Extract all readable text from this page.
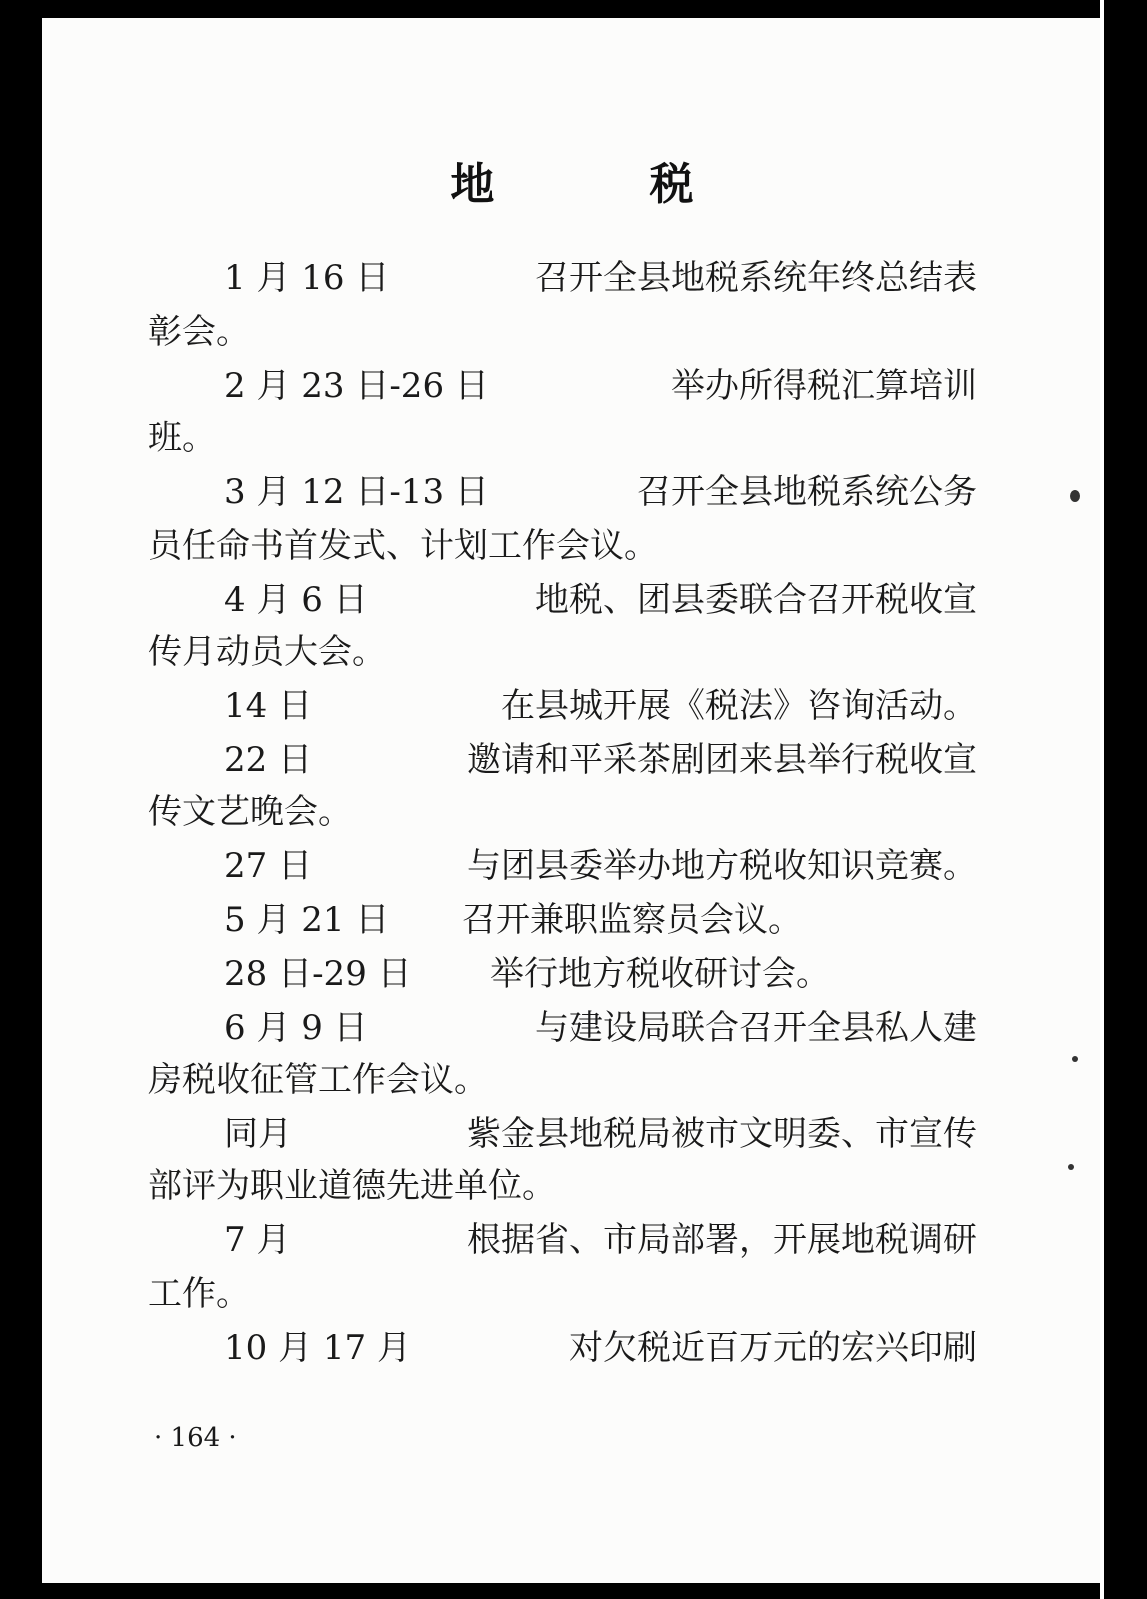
地 税
1 月 16 日	召开全县地税系统年终总结表
彰会。
2 月 23 日-26 日	举办所得税汇算培训
班。
3 月 12 日-13 日	召开全县地税系统公务
员任命书首发式、计划工作会议。
4 月 6 日	地税、团县委联合召开税收宣
传月动员大会。
14 日	在县城开展《税法》咨询活动。
22 日	邀请和平采茶剧团来县举行税收宣
传文艺晚会。
27 日	与团县委举办地方税收知识竞赛。
5 月 21 日 召开兼职监察员会议。
28 日-29 日 举行地方税收研讨会。
6 月 9 日	与建设局联合召开全县私人建
房税收征管工作会议。
同月	紫金县地税局被市文明委、市宣传
部评为职业道德先进单位。
7 月	根据省、市局部署，开展地税调研
工作。
10 月 17 月	对欠税近百万元的宏兴印刷
· 164 ·
